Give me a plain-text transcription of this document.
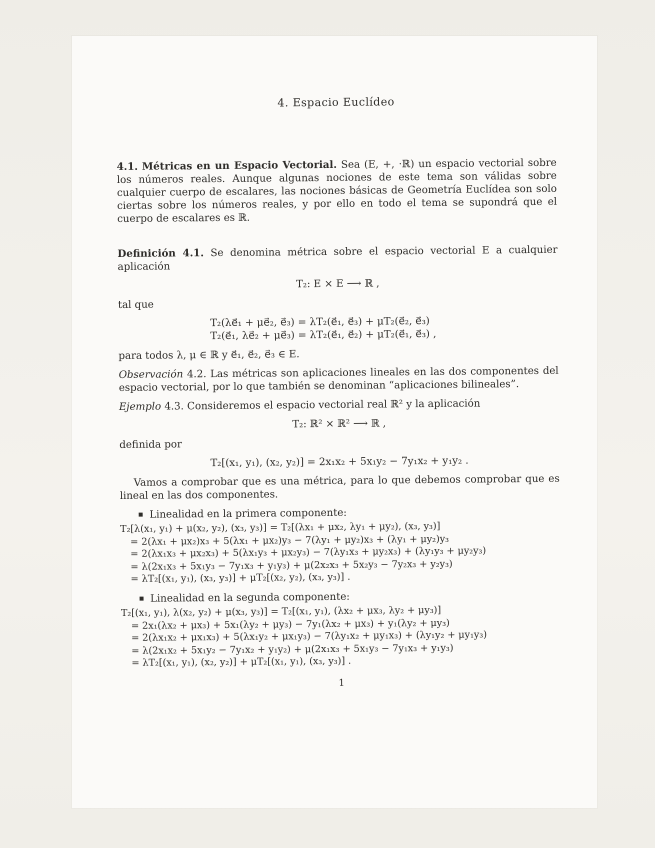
4. Espacio Euclídeo

4.1. Métricas en un Espacio Vectorial. Sea (E, +, ·ℝ) un espacio vectorial sobre los números reales. Aunque algunas nociones de este tema son válidas sobre cualquier cuerpo de escalares, las nociones básicas de Geometría Euclídea son solo ciertas sobre los números reales, y por ello en todo el tema se supondrá que el cuerpo de escalares es ℝ.

Definición 4.1. Se denomina métrica sobre el espacio vectorial E a cualquier aplicación

T₂: E × E ⟶ ℝ ,
tal que
T₂(λe⃗₁ + μe⃗₂, e⃗₃) = λT₂(e⃗₁, e⃗₃) + μT₂(e⃗₂, e⃗₃)
T₂(e⃗₁, λe⃗₂ + μe⃗₃) = λT₂(e⃗₁, e⃗₂) + μT₂(e⃗₁, e⃗₃) ,
para todos λ, μ ∈ ℝ y e⃗₁, e⃗₂, e⃗₃ ∈ E.

Observación 4.2. Las métricas son aplicaciones lineales en las dos componentes del espacio vectorial, por lo que también se denominan “aplicaciones bilineales”.

Ejemplo 4.3. Consideremos el espacio vectorial real ℝ² y la aplicación

T₂: ℝ² × ℝ² ⟶ ℝ ,
definida por
T₂[(x₁, y₁), (x₂, y₂)] = 2x₁x₂ + 5x₁y₂ − 7y₁x₂ + y₁y₂ .

Vamos a comprobar que es una métrica, para lo que debemos comprobar que es lineal en las dos componentes.

▪ Linealidad en la primera componente:
T₂[λ(x₁, y₁) + μ(x₂, y₂), (x₃, y₃)] = T₂[(λx₁ + μx₂, λy₁ + μy₂), (x₃, y₃)]
= 2(λx₁ + μx₂)x₃ + 5(λx₁ + μx₂)y₃ − 7(λy₁ + μy₂)x₃ + (λy₁ + μy₂)y₃
= 2(λx₁x₃ + μx₂x₃) + 5(λx₁y₃ + μx₂y₃) − 7(λy₁x₃ + μy₂x₃) + (λy₁y₃ + μy₂y₃)
= λ(2x₁x₃ + 5x₁y₃ − 7y₁x₃ + y₁y₃) + μ(2x₂x₃ + 5x₂y₃ − 7y₂x₃ + y₂y₃)
= λT₂[(x₁, y₁), (x₃, y₃)] + μT₂[(x₂, y₂), (x₃, y₃)] .
▪ Linealidad en la segunda componente:
T₂[(x₁, y₁), λ(x₂, y₂) + μ(x₃, y₃)] = T₂[(x₁, y₁), (λx₂ + μx₃, λy₂ + μy₃)]
= 2x₁(λx₂ + μx₃) + 5x₁(λy₂ + μy₃) − 7y₁(λx₂ + μx₃) + y₁(λy₂ + μy₃)
= 2(λx₁x₂ + μx₁x₃) + 5(λx₁y₂ + μx₁y₃) − 7(λy₁x₂ + μy₁x₃) + (λy₁y₂ + μy₁y₃)
= λ(2x₁x₂ + 5x₁y₂ − 7y₁x₂ + y₁y₂) + μ(2x₁x₃ + 5x₁y₃ − 7y₁x₃ + y₁y₃)
= λT₂[(x₁, y₁), (x₂, y₂)] + μT₂[(x₁, y₁), (x₃, y₃)] .
1
